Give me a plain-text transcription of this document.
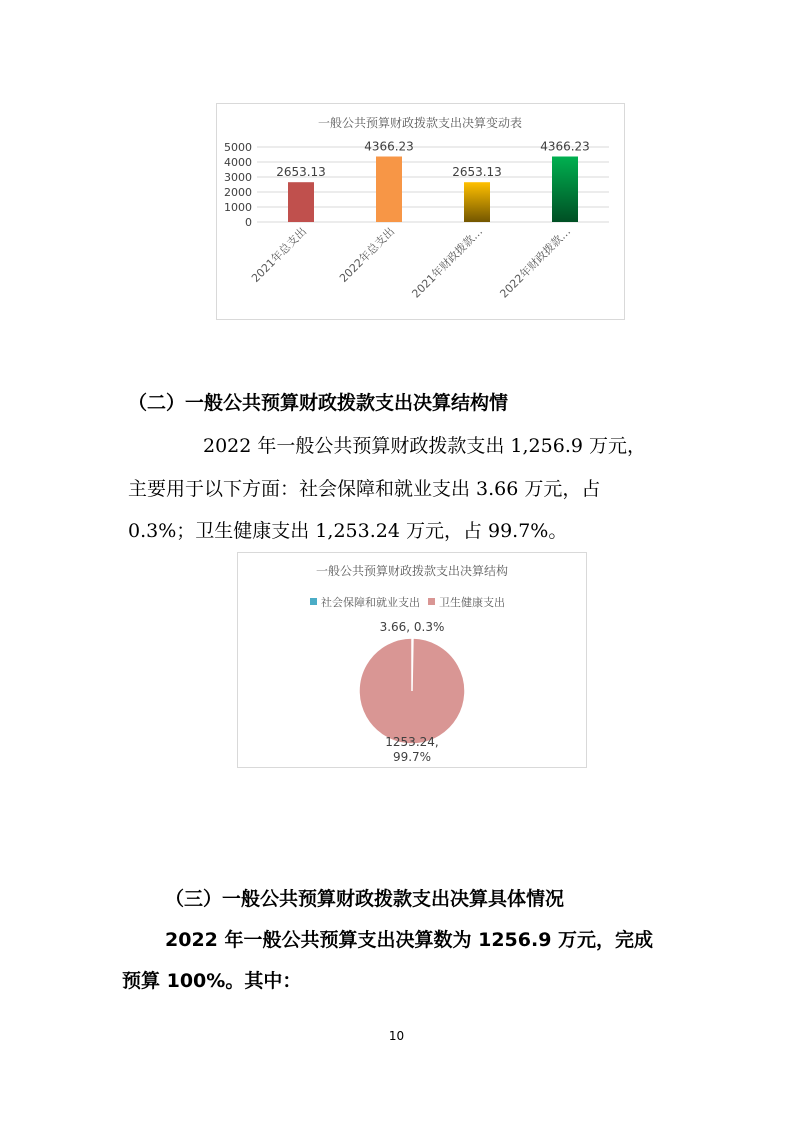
一般公共预算财政拨款支出决算变动表
0
1000
2000
3000
4000
5000
2653.13
2021年总支出
4366.23
2022年总支出
2653.13
2021年财政拨款…
4366.23
2022年财政拨款…
（二）一般公共预算财政拨款支出决算结构情
2022 年一般公共预算财政拨款支出 1,256.9 万元，
主要用于以下方面：社会保障和就业支出 3.66 万元，占
0.3%；卫生健康支出 1,253.24 万元，占 99.7%。
一般公共预算财政拨款支出决算结构
社会保障和就业支出 卫生健康支出
3.66, 0.3%
1253.24,
99.7%
（三）一般公共预算财政拨款支出决算具体情况
2022 年一般公共预算支出决算数为 1256.9 万元，完成
预算 100%。其中：
10
